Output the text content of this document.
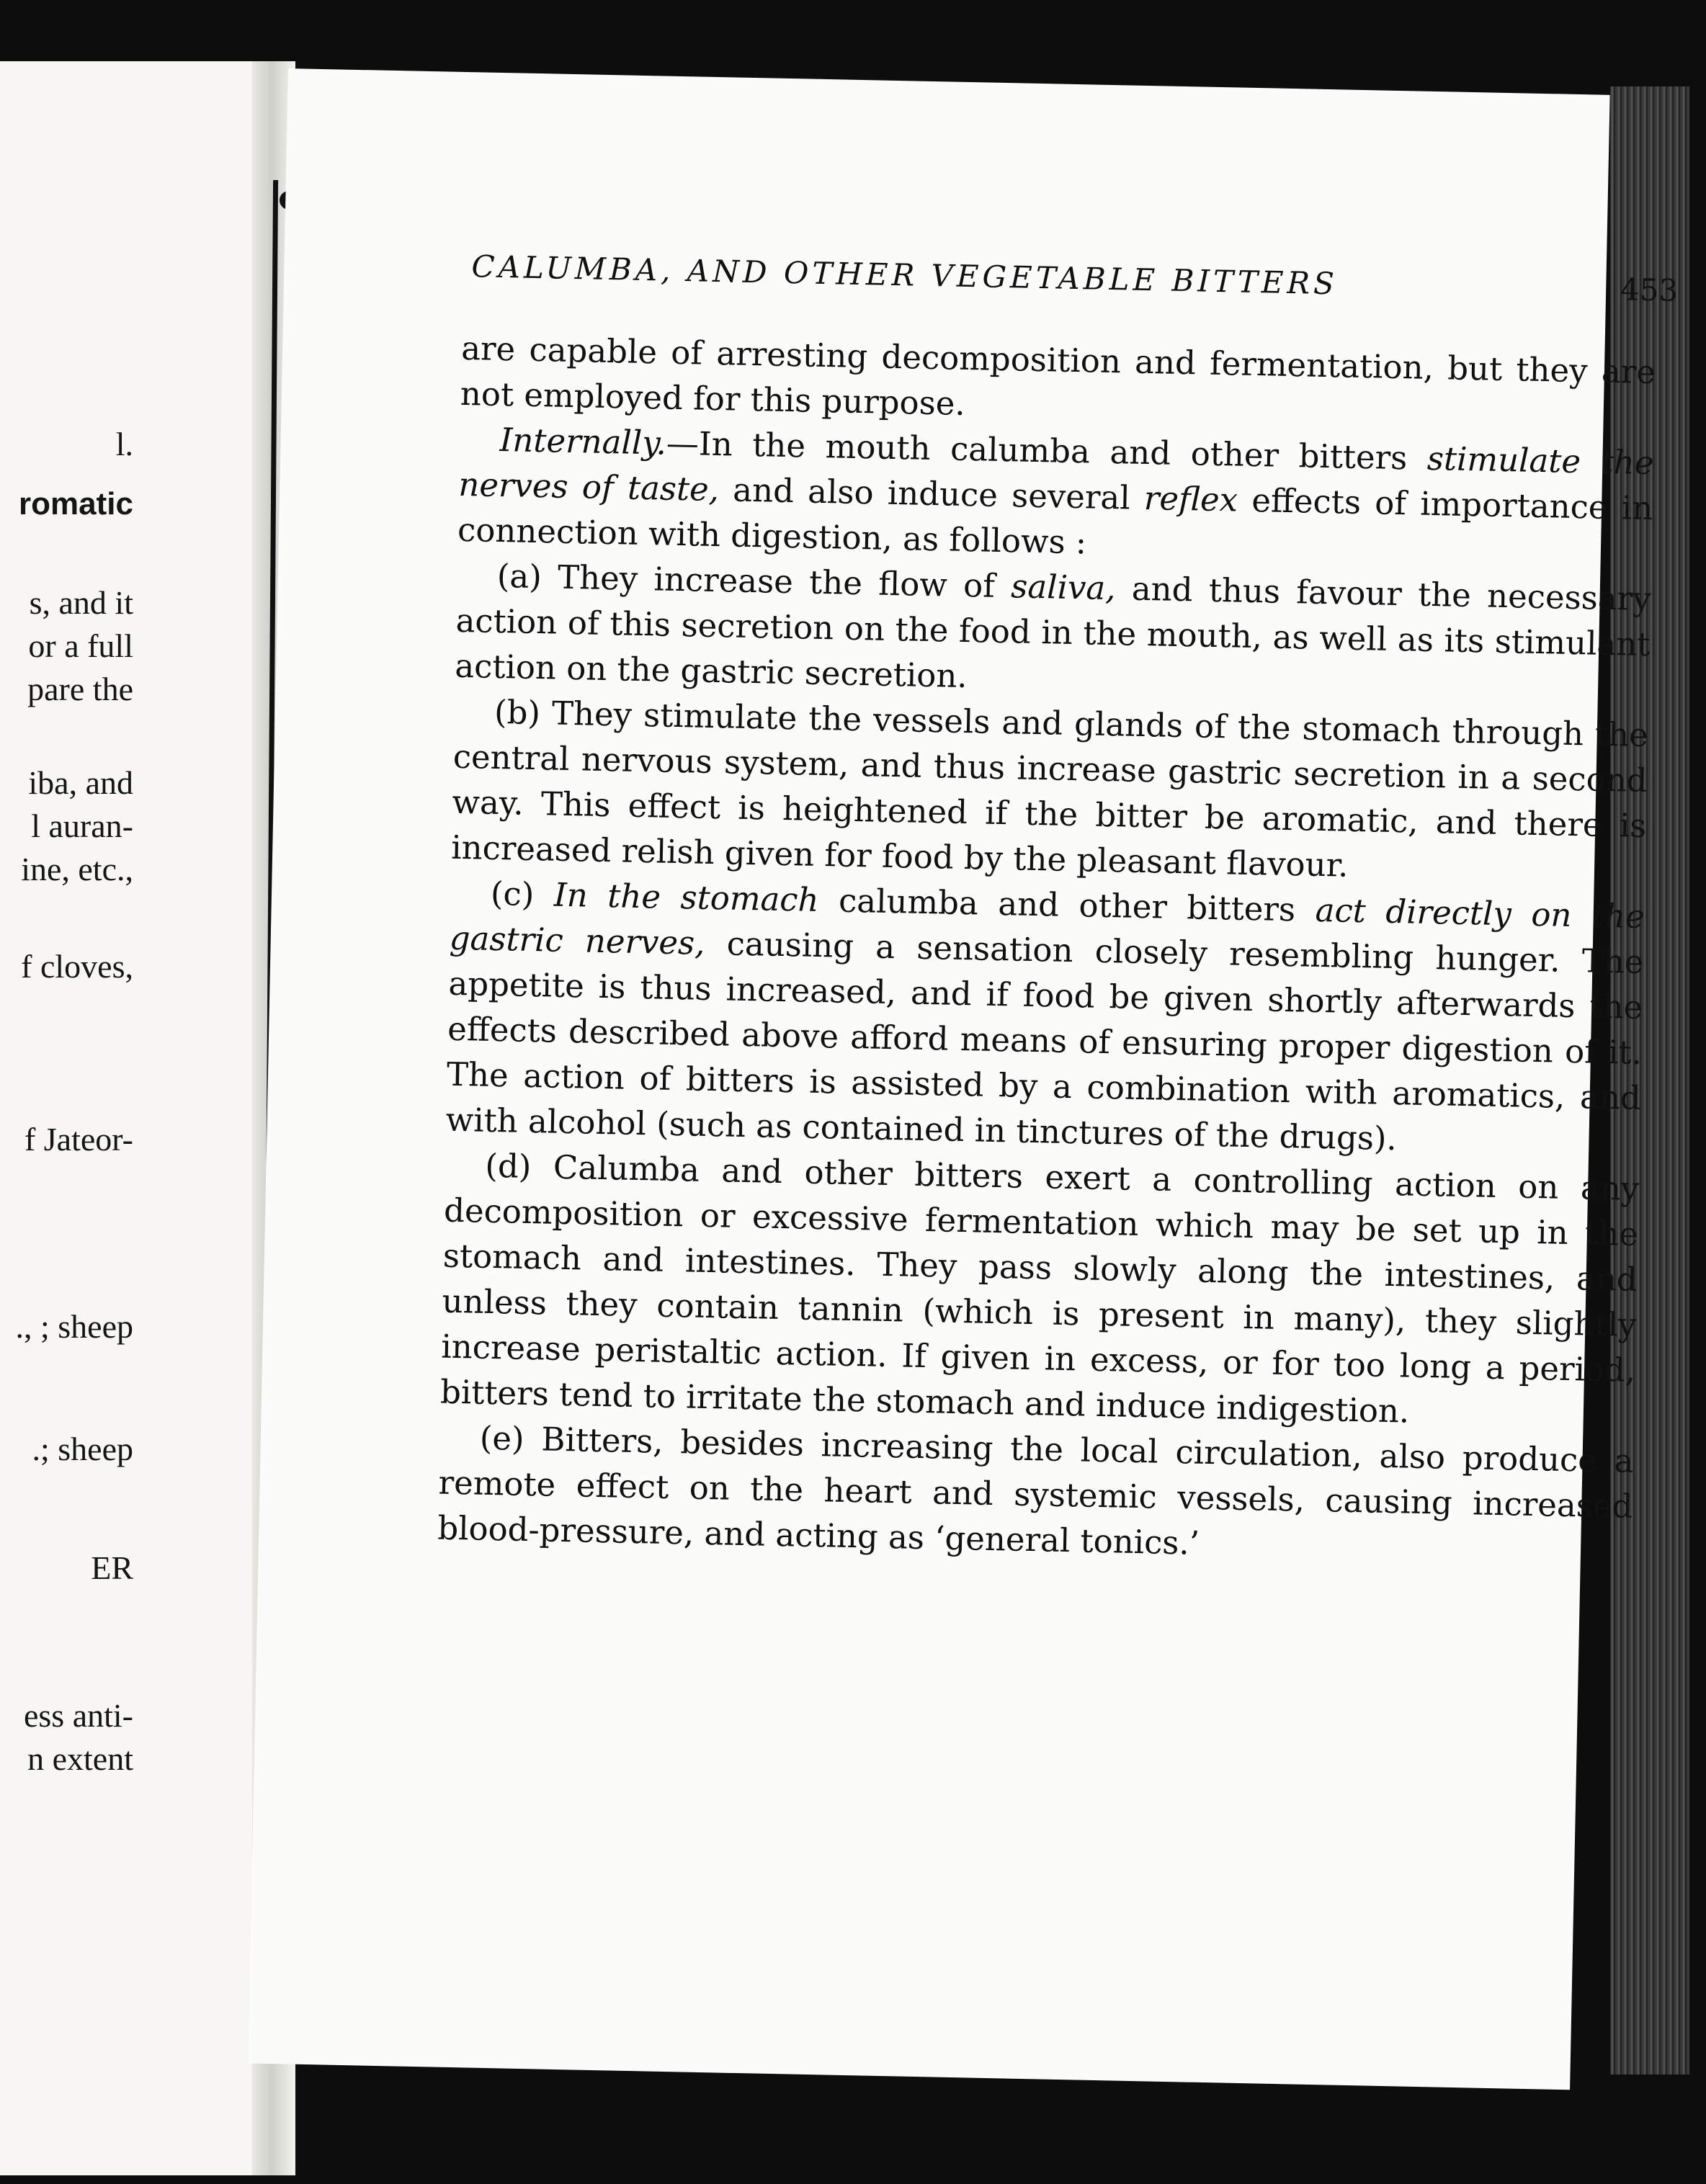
l.
romatic
s, and it
or a full
pare the
iba, and
l auran-
ine, etc.,
f cloves,
f Jateor-
., ; sheep
.; sheep
ER
ess anti-
n extent
CALUMBA, AND OTHER VEGETABLE BITTERS	453

are capable of arresting decomposition and fermentation, but they are not employed for this purpose.

Internally.—In the mouth calumba and other bitters stimulate the nerves of taste, and also induce several reflex effects of importance in connection with digestion, as follows :

(a) They increase the flow of saliva, and thus favour the necessary action of this secretion on the food in the mouth, as well as its stimulant action on the gastric secretion.

(b) They stimulate the vessels and glands of the stomach through the central nervous system, and thus increase gastric secretion in a second way. This effect is heightened if the bitter be aromatic, and there is increased relish given for food by the pleasant flavour.

(c) In the stomach calumba and other bitters act directly on the gastric nerves, causing a sensation closely resembling hunger. The appetite is thus increased, and if food be given shortly afterwards the effects described above afford means of ensuring proper digestion of it. The action of bitters is assisted by a combination with aromatics, and with alcohol (such as contained in tinctures of the drugs).

(d) Calumba and other bitters exert a controlling action on any decomposition or excessive fermentation which may be set up in the stomach and intestines. They pass slowly along the intestines, and unless they contain tannin (which is present in many), they slightly increase peristaltic action. If given in excess, or for too long a period, bitters tend to irritate the stomach and induce indigestion.

(e) Bitters, besides increasing the local circulation, also produce a remote effect on the heart and systemic vessels, causing increased blood-pressure, and acting as ‘general tonics.’
